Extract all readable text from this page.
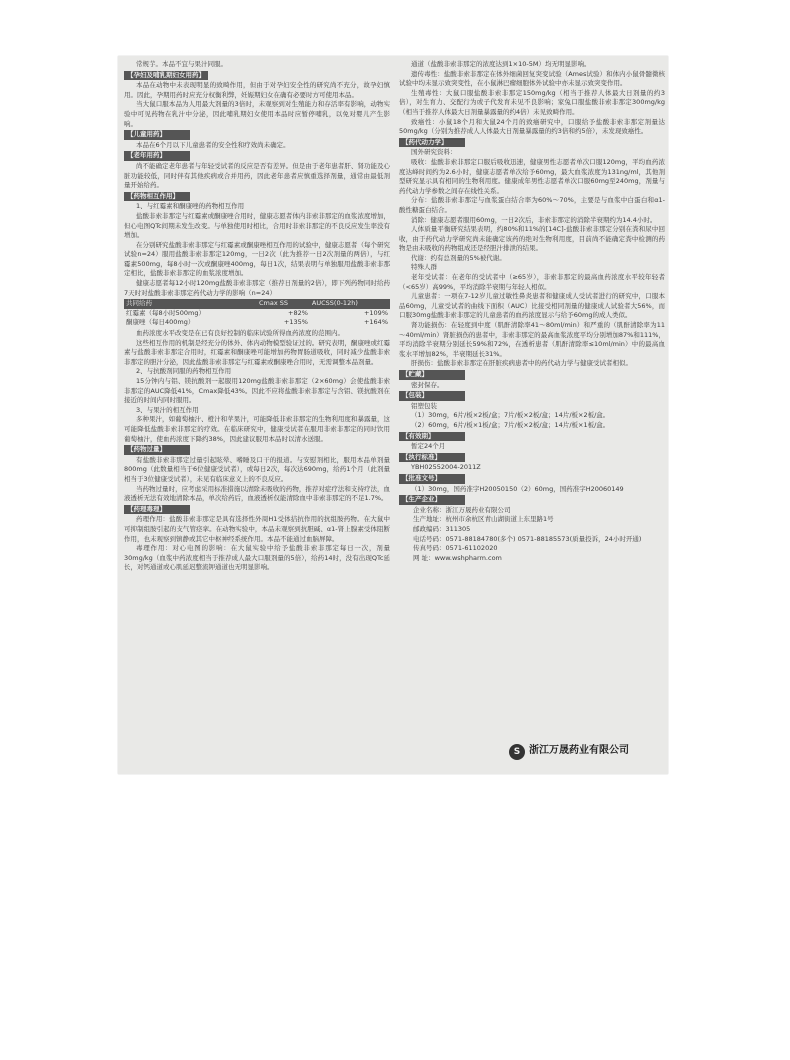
常规芋。本品不宜与果汁同服。

【孕妇及哺乳期妇女用药】

本品在动物中未表现明显的致畸作用，但由于对孕妇安全性的研究尚不充分，故孕妇慎用。因此，孕期用药时应充分权衡利弊，妊娠期妇女在确有必要时方可使用本品。

当大鼠口服本品为人用最大剂量的3倍时，未观察到对生殖能力和存活率有影响，动物实验中可见药物在乳汁中分泌，因此哺乳期妇女使用本品时应暂停哺乳，以免对婴儿产生影响。

【儿童用药】

本品在6个月以下儿童患者的安全性和疗效尚未确定。

【老年用药】

尚不能确定老年患者与年轻受试者的反应是否有差异。但是由于老年患者肝、肾功能及心脏功能较低，同时伴有其他疾病或合并用药，因此老年患者应慎重选择剂量，通常由最低剂量开始给药。

【药物相互作用】

1、与红霉素和酮康唑的药物相互作用

盐酸非索非那定与红霉素或酮康唑合用时，健康志愿者体内非索非那定的血浆浓度增加，但心电图QTc间期未发生改变。与单独使用时相比，合用时非索非那定的不良反应发生率没有增加。

在分别研究盐酸非索非那定与红霉素或酮康唑相互作用的试验中，健康志愿者（每个研究试验n=24）服用盐酸非索非那定120mg，一日2次（此为推荐一日2次剂量的两倍），与红霉素500mg，每8小时一次或酮康唑400mg，每日1次，结果表明与单独服用盐酸非索非那定相比，盐酸非索非那定的血浆浓度增加。

健康志愿者每12小时120mg盐酸非索非那定（推荐日剂量的2倍），即下列药物同时给药7天时对盐酸非索非那定药代动力学的影响（n=24）

共同给药	Cmax SS	AUCSS(0-12h)
红霉素（每8小时500mg）	+82%	+109%
酮康唑（每日400mg）	+135%	+164%

血药浓度水平改变是在已有良好控制的临床试验所得血药浓度的范围内。

这些相互作用的机制是经充分的体外、体内动物模型验证过的。研究表明，酮康唑或红霉素与盐酸非索非那定合用时，红霉素和酮康唑可能增加药物胃肠道吸收，同时减少盐酸非索非那定的胆汁分泌，因此盐酸非索非那定与红霉素或酮康唑合用时，无需调整本品剂量。

2、与抗酸剂同服的药物相互作用

15分钟内与铝、镁抗酸剂一起服用120mg盐酸非索非那定（2×60mg）会使盐酸非索非那定的AUC降低41%，Cmax降低43%。因此不应将盐酸非索非那定与含铝、镁抗酸剂在接近的时间内同时服用。

3、与果汁的相互作用

多种果汁，如葡萄柚汁、橙汁和苹果汁，可能降低非索非那定的生物利用度和暴露量，这可能降低盐酸非索非那定的疗效。在临床研究中，健康受试者在服用非索非那定的同时饮用葡萄柚汁，使血药浓度下降约38%，因此建议服用本品时以清水送服。

【药物过量】

有盐酸非索非那定过量引起眩晕、嗜睡及口干的报道。与安慰剂相比，服用本品单剂量800mg（此数量相当于6位健康受试者），或每日2次，每次达690mg，给药1个月（此剂量相当于3位健康受试者），未见有临床意义上的不良反应。

当药物过量时，应考虑采用标准措施以清除未吸收的药物，推荐对症疗法和支持疗法，血液透析无法有效地清除本品，单次给药后，血液透析仅能清除血中非索非那定的不足1.7%。

【药理毒理】

药理作用：盐酸非索非那定是具有选择性外周H1受体拮抗作用的抗组胺药物。在大鼠中可抑制组胺引起的支气管痉挛。在动物实验中，本品未观察到抗胆碱、α1-肾上腺素受体阻断作用，也未观察到镇静或其它中枢神经系统作用。本品不能通过血脑屏障。

毒理作用：对心电图的影响：在大鼠实验中给予盐酸非索非那定每日一次，剂量30mg/kg（血浆中药浓度相当于推荐成人最大口服剂量的5倍），给药14时，没有出现QTc延长，对钙通道或心肌延迟整流钾通道也无明显影响。

通道（盐酸非索非那定的浓度达到1×10-5M）均无明显影响。

遗传毒性：盐酸非索非那定在体外细菌回复突变试验（Ames试验）和体内小鼠骨髓微核试验中均未显示致突变性，在小鼠淋巴瘤细胞体外试验中亦未显示致突变作用。

生殖毒性：大鼠口服盐酸非索非那定150mg/kg（相当于推荐人体最大日剂量的约3倍），对生育力、交配行为或子代发育未见不良影响；家兔口服盐酸非索非那定300mg/kg（相当于推荐人体最大日剂量暴露量的约4倍）未见致畸作用。

致癌性：小鼠18个月和大鼠24个月的致癌研究中，口服给予盐酸非索非那定剂量达50mg/kg（分别为推荐成人人体最大日剂量暴露量的约3倍和约5倍），未发现致癌性。

【药代动力学】

国外研究资料：

吸收：盐酸非索非那定口服后吸收迅速，健康男性志愿者单次口服120mg，平均血药浓度达峰时间约为2.6小时，健康志愿者单次给予60mg，最大血浆浓度为131ng/ml，其他剂型研究显示具有相同的生物利用度。健康成年男性志愿者单次口服60mg至240mg，剂量与药代动力学参数之间存在线性关系。

分布：盐酸非索非那定与血浆蛋白结合率为60%～70%，主要是与血浆中白蛋白和α1-酸性糖蛋白结合。

消除：健康志愿者服用60mg，一日2次后，非索非那定的消除半衰期约为14.4小时。

人体质量平衡研究结果表明，约80%和11%的[14C]-盐酸非索非那定分别在粪和尿中回收，由于药代动力学研究尚未能确定该药的绝对生物利用度，目前尚不能确定粪中检测的药物是由未吸收的药物组成还是经胆汁排泄的结果。

代谢：约有总剂量的5%被代谢。

特殊人群

老年受试者：在老年的受试者中（≥65岁），非索非那定的最高血药浓度水平较年轻者（<65岁）高99%，平均消除半衰期与年轻人相似。

儿童患者：一项在7-12岁儿童过敏性鼻炎患者和健康成人受试者进行的研究中，口服本品60mg，儿童受试者的曲线下面积（AUC）比接受相同剂量的健康成人试验者大56%，而口服30mg盐酸非索非那定的儿童患者的血药浓度显示与给予60mg的成人类似。

肾功能损伤：在轻度到中度（肌酐清除率41～80ml/min）和严重的（肌酐清除率为11～40ml/min）肾脏损伤的患者中，非索非那定的最高血浆浓度平均分别增加87%和111%，平均消除半衰期分别延长59%和72%，在透析患者（肌酐清除率≤10ml/min）中的最高血浆水平增加82%，半衰期延长31%。

肝损伤：盐酸非索非那定在肝脏疾病患者中的药代动力学与健康受试者相似。

【贮藏】

密封保存。

【包装】

铝塑包装

（1）30mg，6片/板×2板/盒；7片/板×2板/盒；14片/板×2板/盒。

（2）60mg，6片/板×1板/盒；7片/板×2板/盒；14片/板×1板/盒。

【有效期】

暂定24个月

【执行标准】

YBH02552004-2011Z

【批准文号】

（1）30mg，国药准字H20050150（2）60mg，国药准字H20060149

【生产企业】

企业名称：浙江万晟药业有限公司

生产地址：杭州市余杭区青山湖街道上东里路1号

邮政编码：311305

电话号码：0571-88184780(多个) 0571-88185573(质量投诉，24小时开通)

传真号码：0571-61102020

网 址：www.wshpharm.com

S 浙江万晟药业有限公司
